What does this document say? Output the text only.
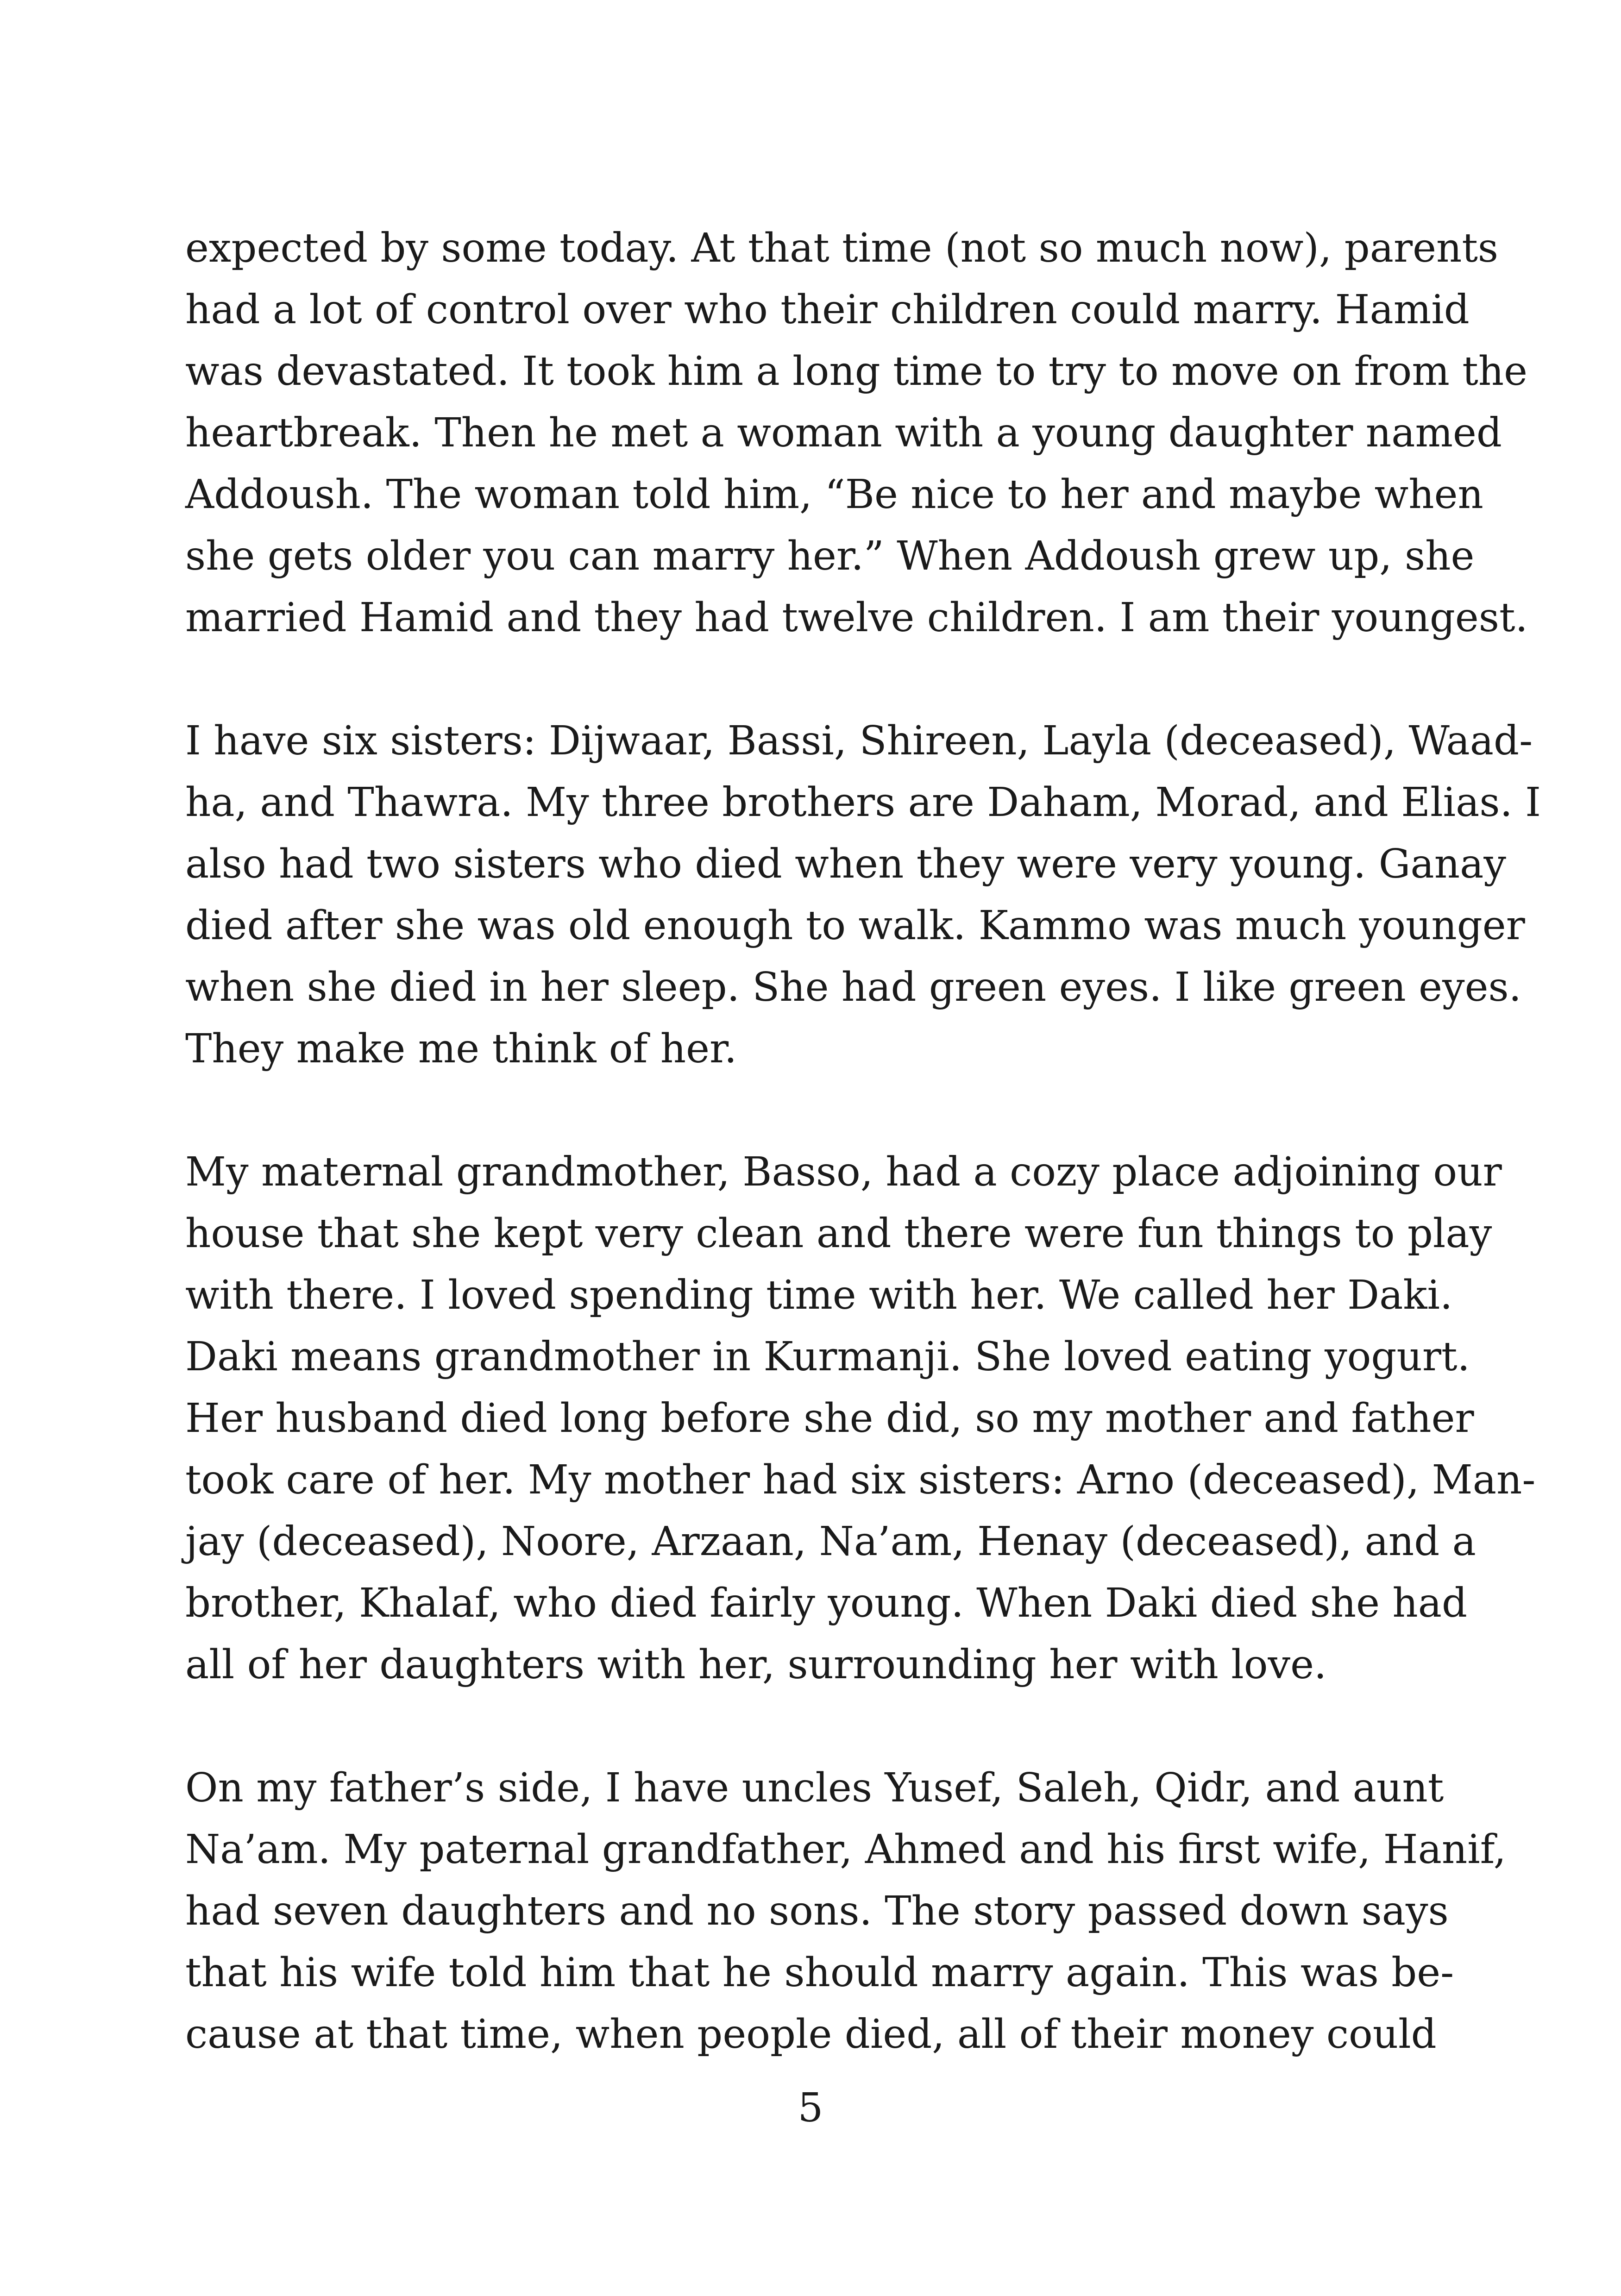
expected by some today. At that time (not so much now), parents
had a lot of control over who their children could marry. Hamid
was devastated. It took him a long time to try to move on from the
heartbreak. Then he met a woman with a young daughter named
Addoush. The woman told him, “Be nice to her and maybe when
she gets older you can marry her.” When Addoush grew up, she
married Hamid and they had twelve children. I am their youngest.
I have six sisters: Dijwaar, Bassi, Shireen, Layla (deceased), Waad-
ha, and Thawra. My three brothers are Daham, Morad, and Elias. I
also had two sisters who died when they were very young. Ganay
died after she was old enough to walk. Kammo was much younger
when she died in her sleep. She had green eyes. I like green eyes.
They make me think of her.
My maternal grandmother, Basso, had a cozy place adjoining our
house that she kept very clean and there were fun things to play
with there. I loved spending time with her. We called her Daki.
Daki means grandmother in Kurmanji. She loved eating yogurt.
Her husband died long before she did, so my mother and father
took care of her. My mother had six sisters: Arno (deceased), Man-
jay (deceased), Noore, Arzaan, Na’am, Henay (deceased), and a
brother, Khalaf, who died fairly young. When Daki died she had
all of her daughters with her, surrounding her with love.
On my father’s side, I have uncles Yusef, Saleh, Qidr, and aunt
Na’am. My paternal grandfather, Ahmed and his first wife, Hanif,
had seven daughters and no sons. The story passed down says
that his wife told him that he should marry again. This was be-
cause at that time, when people died, all of their money could
5
